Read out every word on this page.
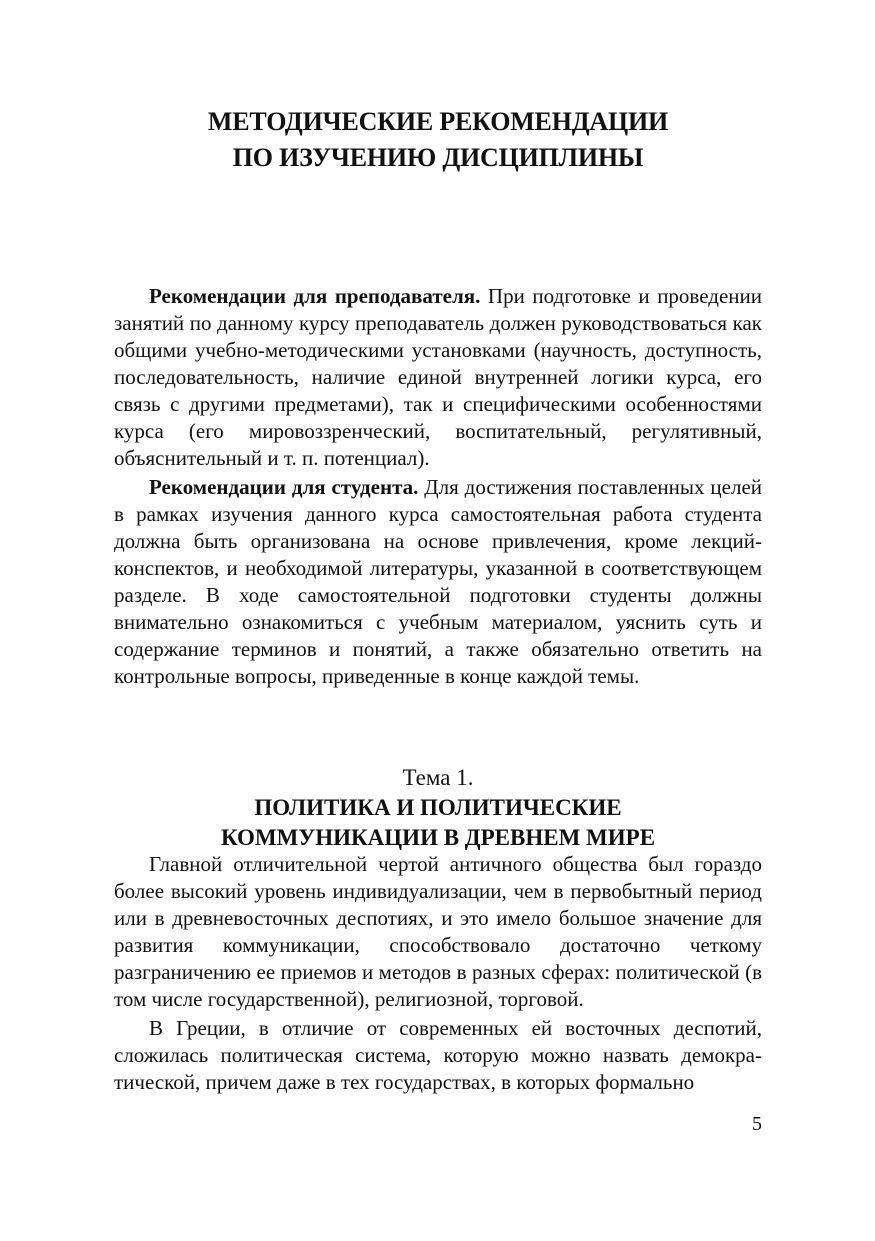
МЕТОДИЧЕСКИЕ РЕКОМЕНДАЦИИ
ПО ИЗУЧЕНИЮ ДИСЦИПЛИНЫ

Рекомендации для преподавателя. При подготовке и проведении занятий по данному курсу преподаватель должен руководствоваться как общими учебно-методическими установками (научность, доступность, последовательность, наличие единой внутренней логики курса, его связь с другими предметами), так и специфическими особенностями курса (его мировоззренческий, воспитательный, регулятивный, объяснительный и т. п. потенциал).

Рекомендации для студента. Для достижения поставленных целей в рамках изучения данного курса самостоятельная работа студента должна быть организована на основе привлечения, кроме лекций-конспектов, и необходимой литературы, указанной в соответствующем разделе. В ходе самостоятельной подготовки студенты должны внимательно ознакомиться с учебным материалом, уяснить суть и содержание терминов и понятий, а также обязательно ответить на контрольные вопросы, приведенные в конце каждой темы.

Тема 1.
ПОЛИТИКА И ПОЛИТИЧЕСКИЕ
КОММУНИКАЦИИ В ДРЕВНЕМ МИРЕ

Главной отличительной чертой античного общества был гораздо более высокий уровень индивидуализации, чем в первобытный период или в древневосточных деспотиях, и это имело большое значение для развития коммуникации, способствовало достаточно четкому разграничению ее приемов и методов в разных сферах: политической (в том числе государственной), религиозной, торговой.

В Греции, в отличие от современных ей восточных деспотий, сложилась политическая система, которую можно назвать демократической, причем даже в тех государствах, в которых формально

5
